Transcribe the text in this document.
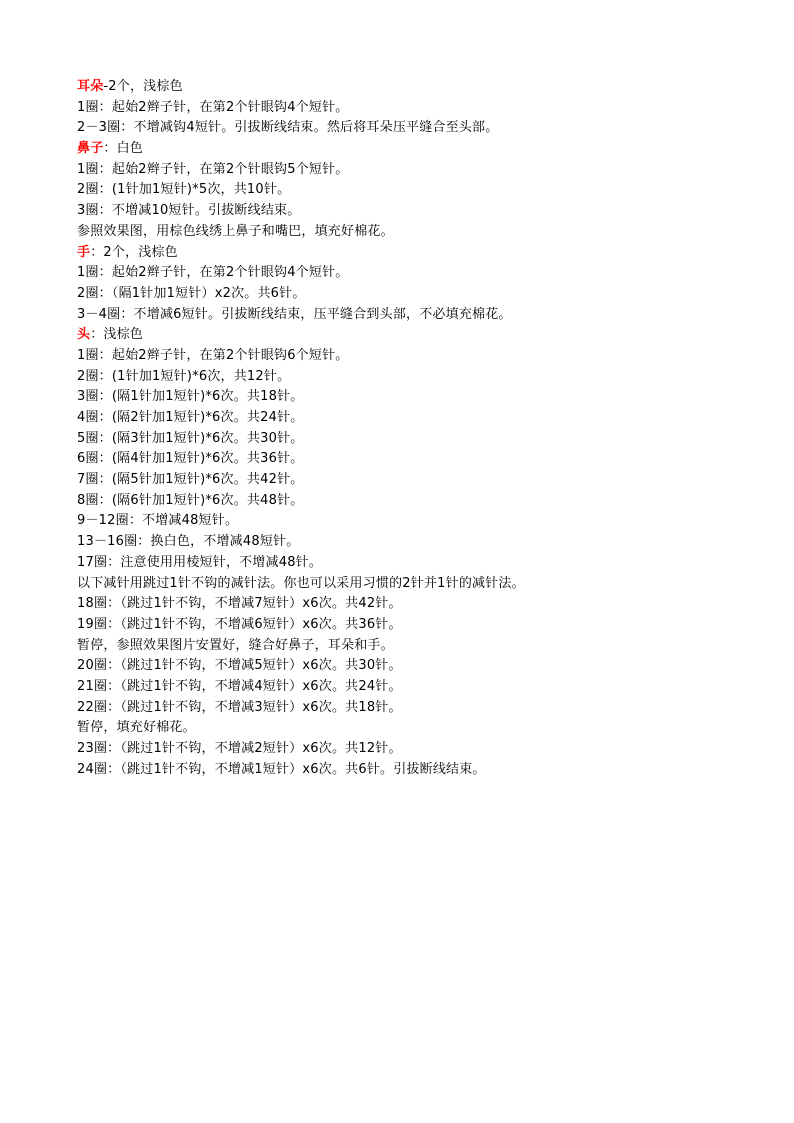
耳朵-2个，浅棕色
1圈：起始2辫子针，在第2个针眼钩4个短针。
2－3圈：不增减钩4短针。引拔断线结束。然后将耳朵压平缝合至头部。
鼻子：白色
1圈：起始2辫子针，在第2个针眼钩5个短针。
2圈：(1针加1短针)*5次，共10针。
3圈：不增减10短针。引拔断线结束。
参照效果图，用棕色线绣上鼻子和嘴巴，填充好棉花。
手：2个，浅棕色
1圈：起始2辫子针，在第2个针眼钩4个短针。
2圈：（隔1针加1短针）x2次。共6针。
3－4圈：不增减6短针。引拔断线结束，压平缝合到头部，不必填充棉花。
头：浅棕色
1圈：起始2辫子针，在第2个针眼钩6个短针。
2圈：(1针加1短针)*6次，共12针。
3圈：(隔1针加1短针)*6次。共18针。
4圈：(隔2针加1短针)*6次。共24针。
5圈：(隔3针加1短针)*6次。共30针。
6圈：(隔4针加1短针)*6次。共36针。
7圈：(隔5针加1短针)*6次。共42针。
8圈：(隔6针加1短针)*6次。共48针。
9－12圈：不增减48短针。
13－16圈：换白色，不增减48短针。
17圈：注意使用用棱短针，不增减48针。
以下减针用跳过1针不钩的减针法。你也可以采用习惯的2针并1针的减针法。
18圈：（跳过1针不钩，不增减7短针）x6次。共42针。
19圈：（跳过1针不钩，不增减6短针）x6次。共36针。
暂停，参照效果图片安置好，缝合好鼻子，耳朵和手。
20圈：（跳过1针不钩，不增减5短针）x6次。共30针。
21圈：（跳过1针不钩，不增减4短针）x6次。共24针。
22圈：（跳过1针不钩，不增减3短针）x6次。共18针。
暂停，填充好棉花。
23圈：（跳过1针不钩，不增减2短针）x6次。共12针。
24圈：（跳过1针不钩，不增减1短针）x6次。共6针。引拔断线结束。
